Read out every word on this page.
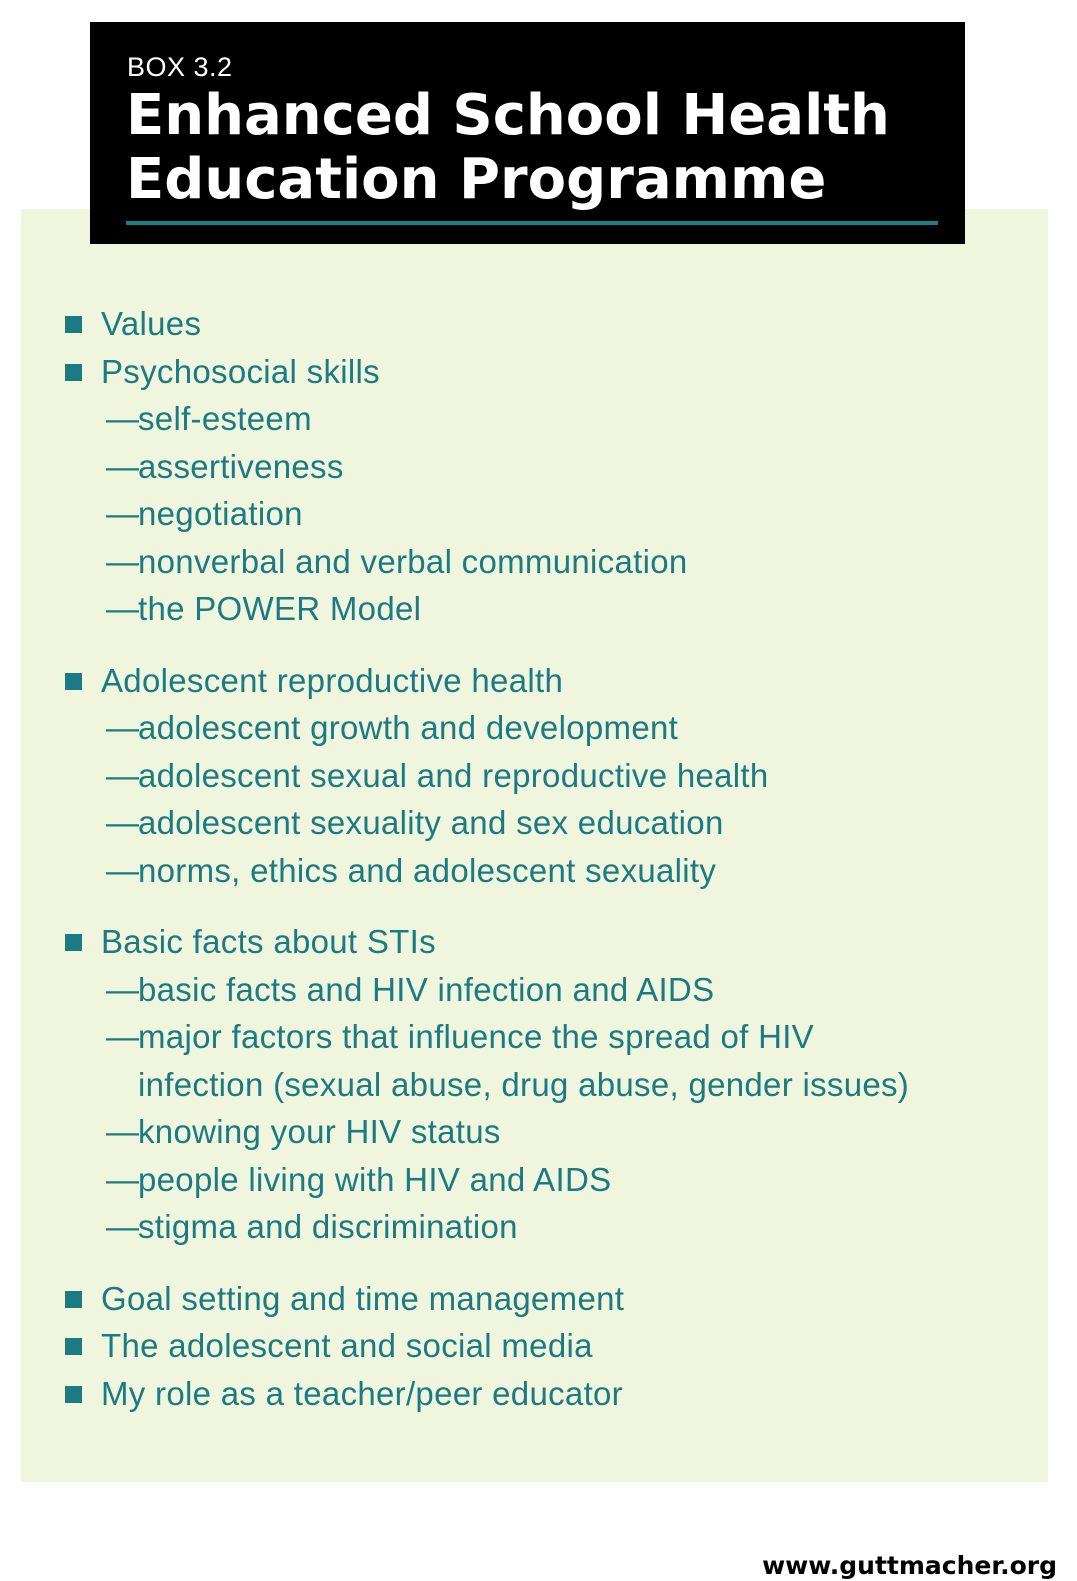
BOX 3.2
Enhanced School Health
Education Programme
Values
Psychosocial skills
—
self-esteem
—
assertiveness
—
negotiation
—
nonverbal and verbal communication
—
the POWER Model
Adolescent reproductive health
—
adolescent growth and development
—
adolescent sexual and reproductive health
—
adolescent sexuality and sex education
—
norms, ethics and adolescent sexuality
Basic facts about STIs
—
basic facts and HIV infection and AIDS
—
major factors that influence the spread of HIV
infection (sexual abuse, drug abuse, gender issues)
—
knowing your HIV status
—
people living with HIV and AIDS
—
stigma and discrimination
Goal setting and time management
The adolescent and social media
My role as a teacher/peer educator
www.guttmacher.org
